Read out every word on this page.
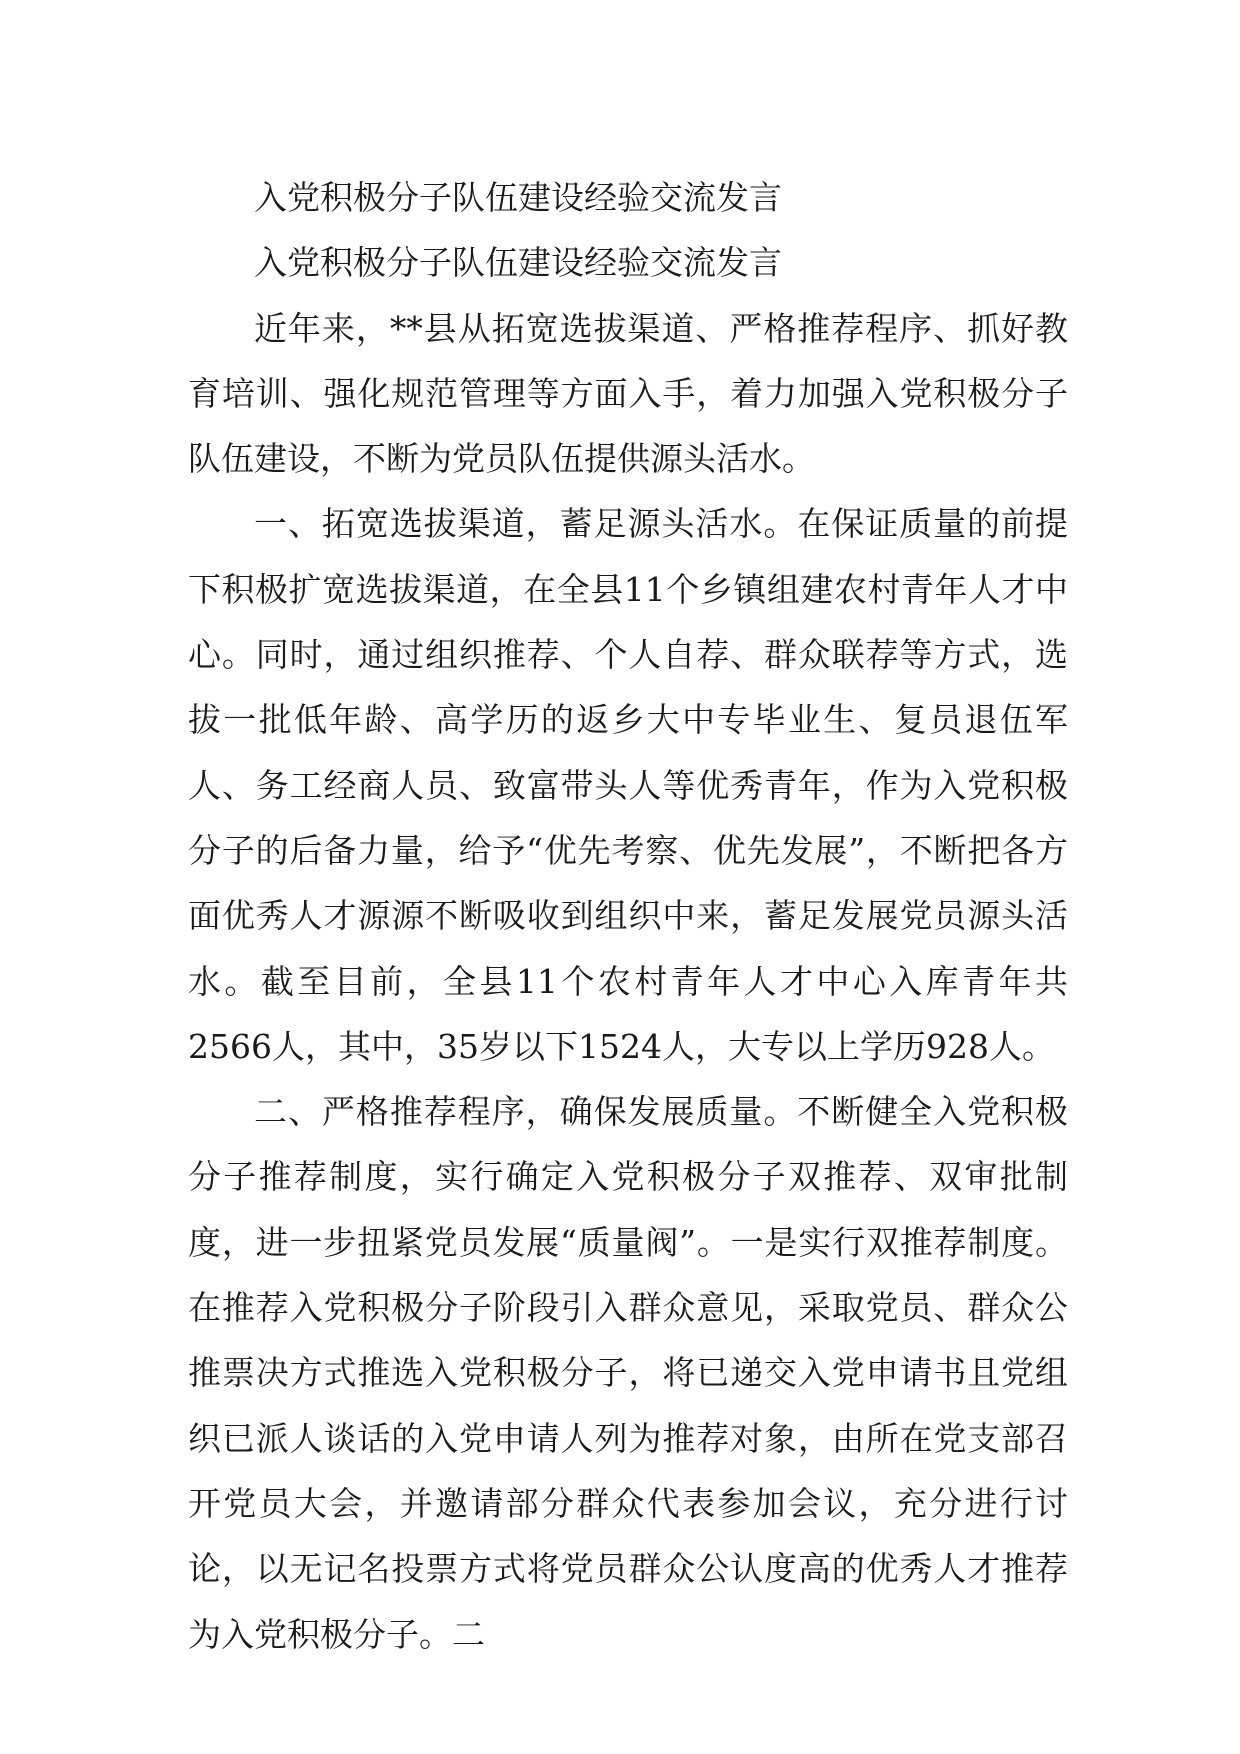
入党积极分子队伍建设经验交流发言

入党积极分子队伍建设经验交流发言

近年来，**县从拓宽选拔渠道、严格推荐程序、抓好教育培训、强化规范管理等方面入手，着力加强入党积极分子队伍建设，不断为党员队伍提供源头活水。

一、拓宽选拔渠道，蓄足源头活水。在保证质量的前提下积极扩宽选拔渠道，在全县11个乡镇组建农村青年人才中心。同时，通过组织推荐、个人自荐、群众联荐等方式，选拔一批低年龄、高学历的返乡大中专毕业生、复员退伍军人、务工经商人员、致富带头人等优秀青年，作为入党积极分子的后备力量，给予“优先考察、优先发展”，不断把各方面优秀人才源源不断吸收到组织中来，蓄足发展党员源头活水。截至目前，全县11个农村青年人才中心入库青年共2566人，其中，35岁以下1524人，大专以上学历928人。

二、严格推荐程序，确保发展质量。不断健全入党积极分子推荐制度，实行确定入党积极分子双推荐、双审批制度，进一步扭紧党员发展“质量阀”。一是实行双推荐制度。在推荐入党积极分子阶段引入群众意见，采取党员、群众公推票决方式推选入党积极分子，将已递交入党申请书且党组织已派人谈话的入党申请人列为推荐对象，由所在党支部召开党员大会，并邀请部分群众代表参加会议，充分进行讨论，以无记名投票方式将党员群众公认度高的优秀人才推荐为入党积极分子。二
